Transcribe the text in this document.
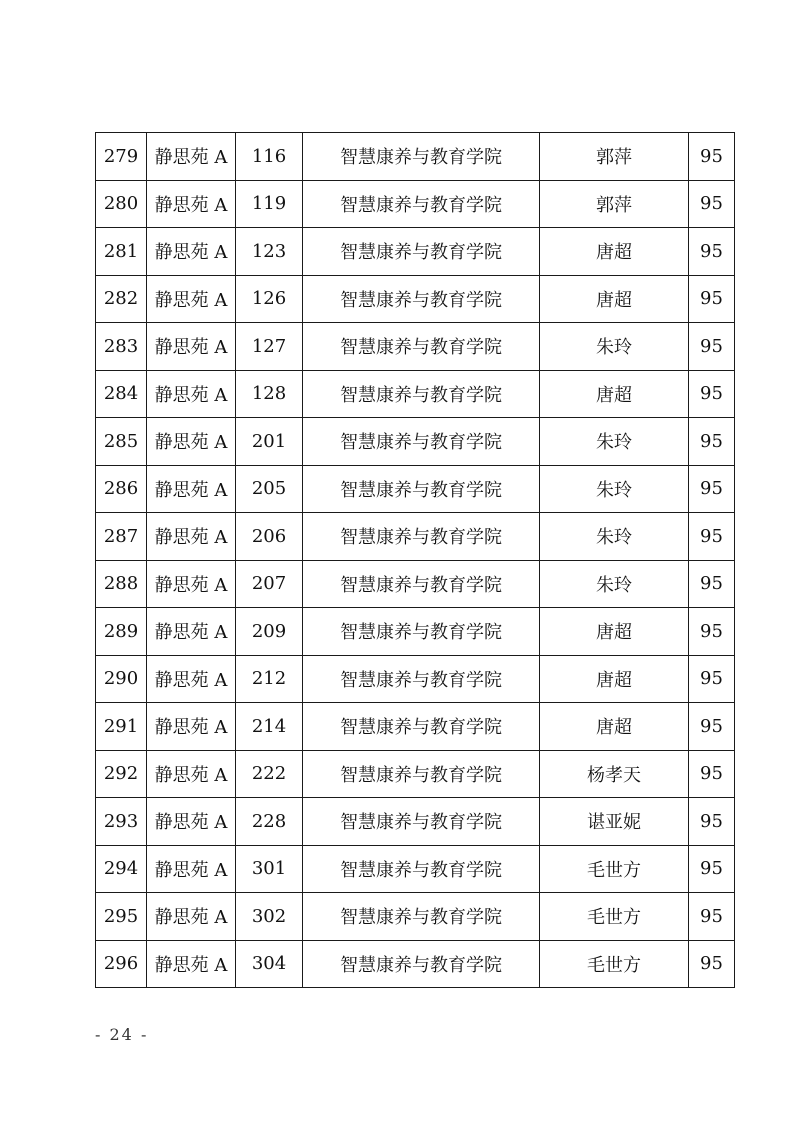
279	静思苑 A	116	智慧康养与教育学院	郭萍	95
280	静思苑 A	119	智慧康养与教育学院	郭萍	95
281	静思苑 A	123	智慧康养与教育学院	唐超	95
282	静思苑 A	126	智慧康养与教育学院	唐超	95
283	静思苑 A	127	智慧康养与教育学院	朱玲	95
284	静思苑 A	128	智慧康养与教育学院	唐超	95
285	静思苑 A	201	智慧康养与教育学院	朱玲	95
286	静思苑 A	205	智慧康养与教育学院	朱玲	95
287	静思苑 A	206	智慧康养与教育学院	朱玲	95
288	静思苑 A	207	智慧康养与教育学院	朱玲	95
289	静思苑 A	209	智慧康养与教育学院	唐超	95
290	静思苑 A	212	智慧康养与教育学院	唐超	95
291	静思苑 A	214	智慧康养与教育学院	唐超	95
292	静思苑 A	222	智慧康养与教育学院	杨孝天	95
293	静思苑 A	228	智慧康养与教育学院	谌亚妮	95
294	静思苑 A	301	智慧康养与教育学院	毛世方	95
295	静思苑 A	302	智慧康养与教育学院	毛世方	95
296	静思苑 A	304	智慧康养与教育学院	毛世方	95
- 24 -
